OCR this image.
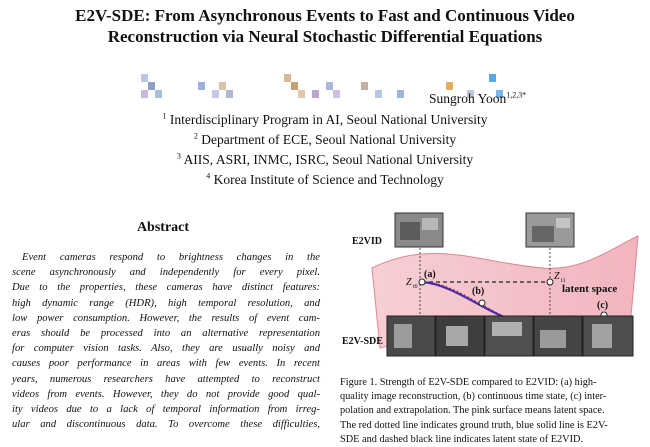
E2V-SDE: From Asynchronous Events to Fast and Continuous Video
Reconstruction via Neural Stochastic Differential Equations
Sungroh Yoon$^{1,2,3*}$
$^1$ Interdisciplinary Program in AI, Seoul National University
$^2$ Department of ECE, Seoul National University
$^3$ AIIS, ASRI, INMC, ISRC, Seoul National University
$^4$ Korea Institute of Science and Technology
Abstract
Event cameras respond to brightness changes in the
scene asynchronously and independently for every pixel.
Due to the properties, these cameras have distinct features:
high dynamic range (HDR), high temporal resolution, and
low power consumption. However, the results of event cam-
eras should be processed into an alternative representation
for computer vision tasks. Also, they are usually noisy and
causes poor performance in areas with few events. In recent
years, numerous researchers have attempted to reconstruct
videos from events. However, they do not provide good qual-
ity videos due to a lack of temporal information from irreg-
ular and discontinuous data. To overcome these difficulties,
E2VID
E2V-SDE
latent space
(a)
(b)
(c)
Z t0
Z t1
Figure 1. Strength of E2V-SDE compared to E2VID: (a) high-
quality image reconstruction, (b) continuous time state, (c) inter-
polation and extrapolation. The pink surface means latent space.
The red dotted line indicates ground truth, blue solid line is E2V-
SDE and dashed black line indicates latent state of E2VID.
